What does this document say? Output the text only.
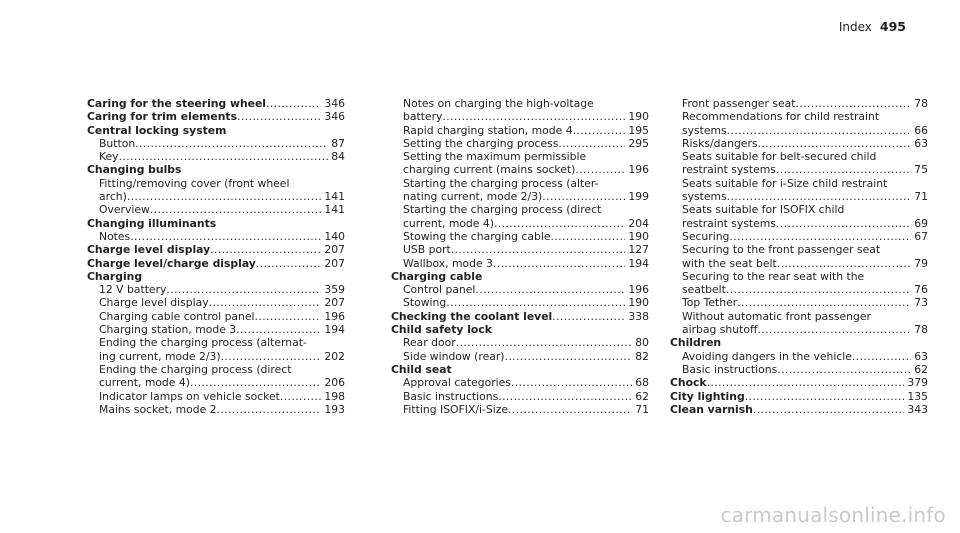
Index 495
Caring for the steering wheel .....	346
Caring for trim elements .....	346
Central locking system
Button .....	87
Key .....	84
Changing bulbs
Fitting/removing cover (front wheel
arch) .....	141
Overview .....	141
Changing illuminants
Notes .....	140
Charge level display .....	207
Charge level/charge display .....	207
Charging
12 V battery .....	359
Charge level display .....	207
Charging cable control panel .....	196
Charging station, mode 3 .....	194
Ending the charging process (alternat-
ing current, mode 2/3) .....	202
Ending the charging process (direct
current, mode 4) .....	206
Indicator lamps on vehicle socket .....	198
Mains socket, mode 2 .....	193
Notes on charging the high-voltage
battery .....	190
Rapid charging station, mode 4 .....	195
Setting the charging process .....	295
Setting the maximum permissible
charging current (mains socket) .....	196
Starting the charging process (alter-
nating current, mode 2/3) .....	199
Starting the charging process (direct
current, mode 4) .....	204
Stowing the charging cable .....	190
USB port .....	127
Wallbox, mode 3 .....	194
Charging cable
Control panel .....	196
Stowing .....	190
Checking the coolant level .....	338
Child safety lock
Rear door .....	80
Side window (rear) .....	82
Child seat
Approval categories .....	68
Basic instructions .....	62
Fitting ISOFIX/i-Size .....	71
Front passenger seat .....	78
Recommendations for child restraint
systems .....	66
Risks/dangers .....	63
Seats suitable for belt-secured child
restraint systems .....	75
Seats suitable for i-Size child restraint
systems .....	71
Seats suitable for ISOFIX child
restraint systems .....	69
Securing .....	67
Securing to the front passenger seat
with the seat belt .....	79
Securing to the rear seat with the
seatbelt .....	76
Top Tether .....	73
Without automatic front passenger
airbag shutoff .....	78
Children
Avoiding dangers in the vehicle .....	63
Basic instructions .....	62
Chock .....	379
City lighting .....	135
Clean varnish .....	343
carmanualsonline.info
